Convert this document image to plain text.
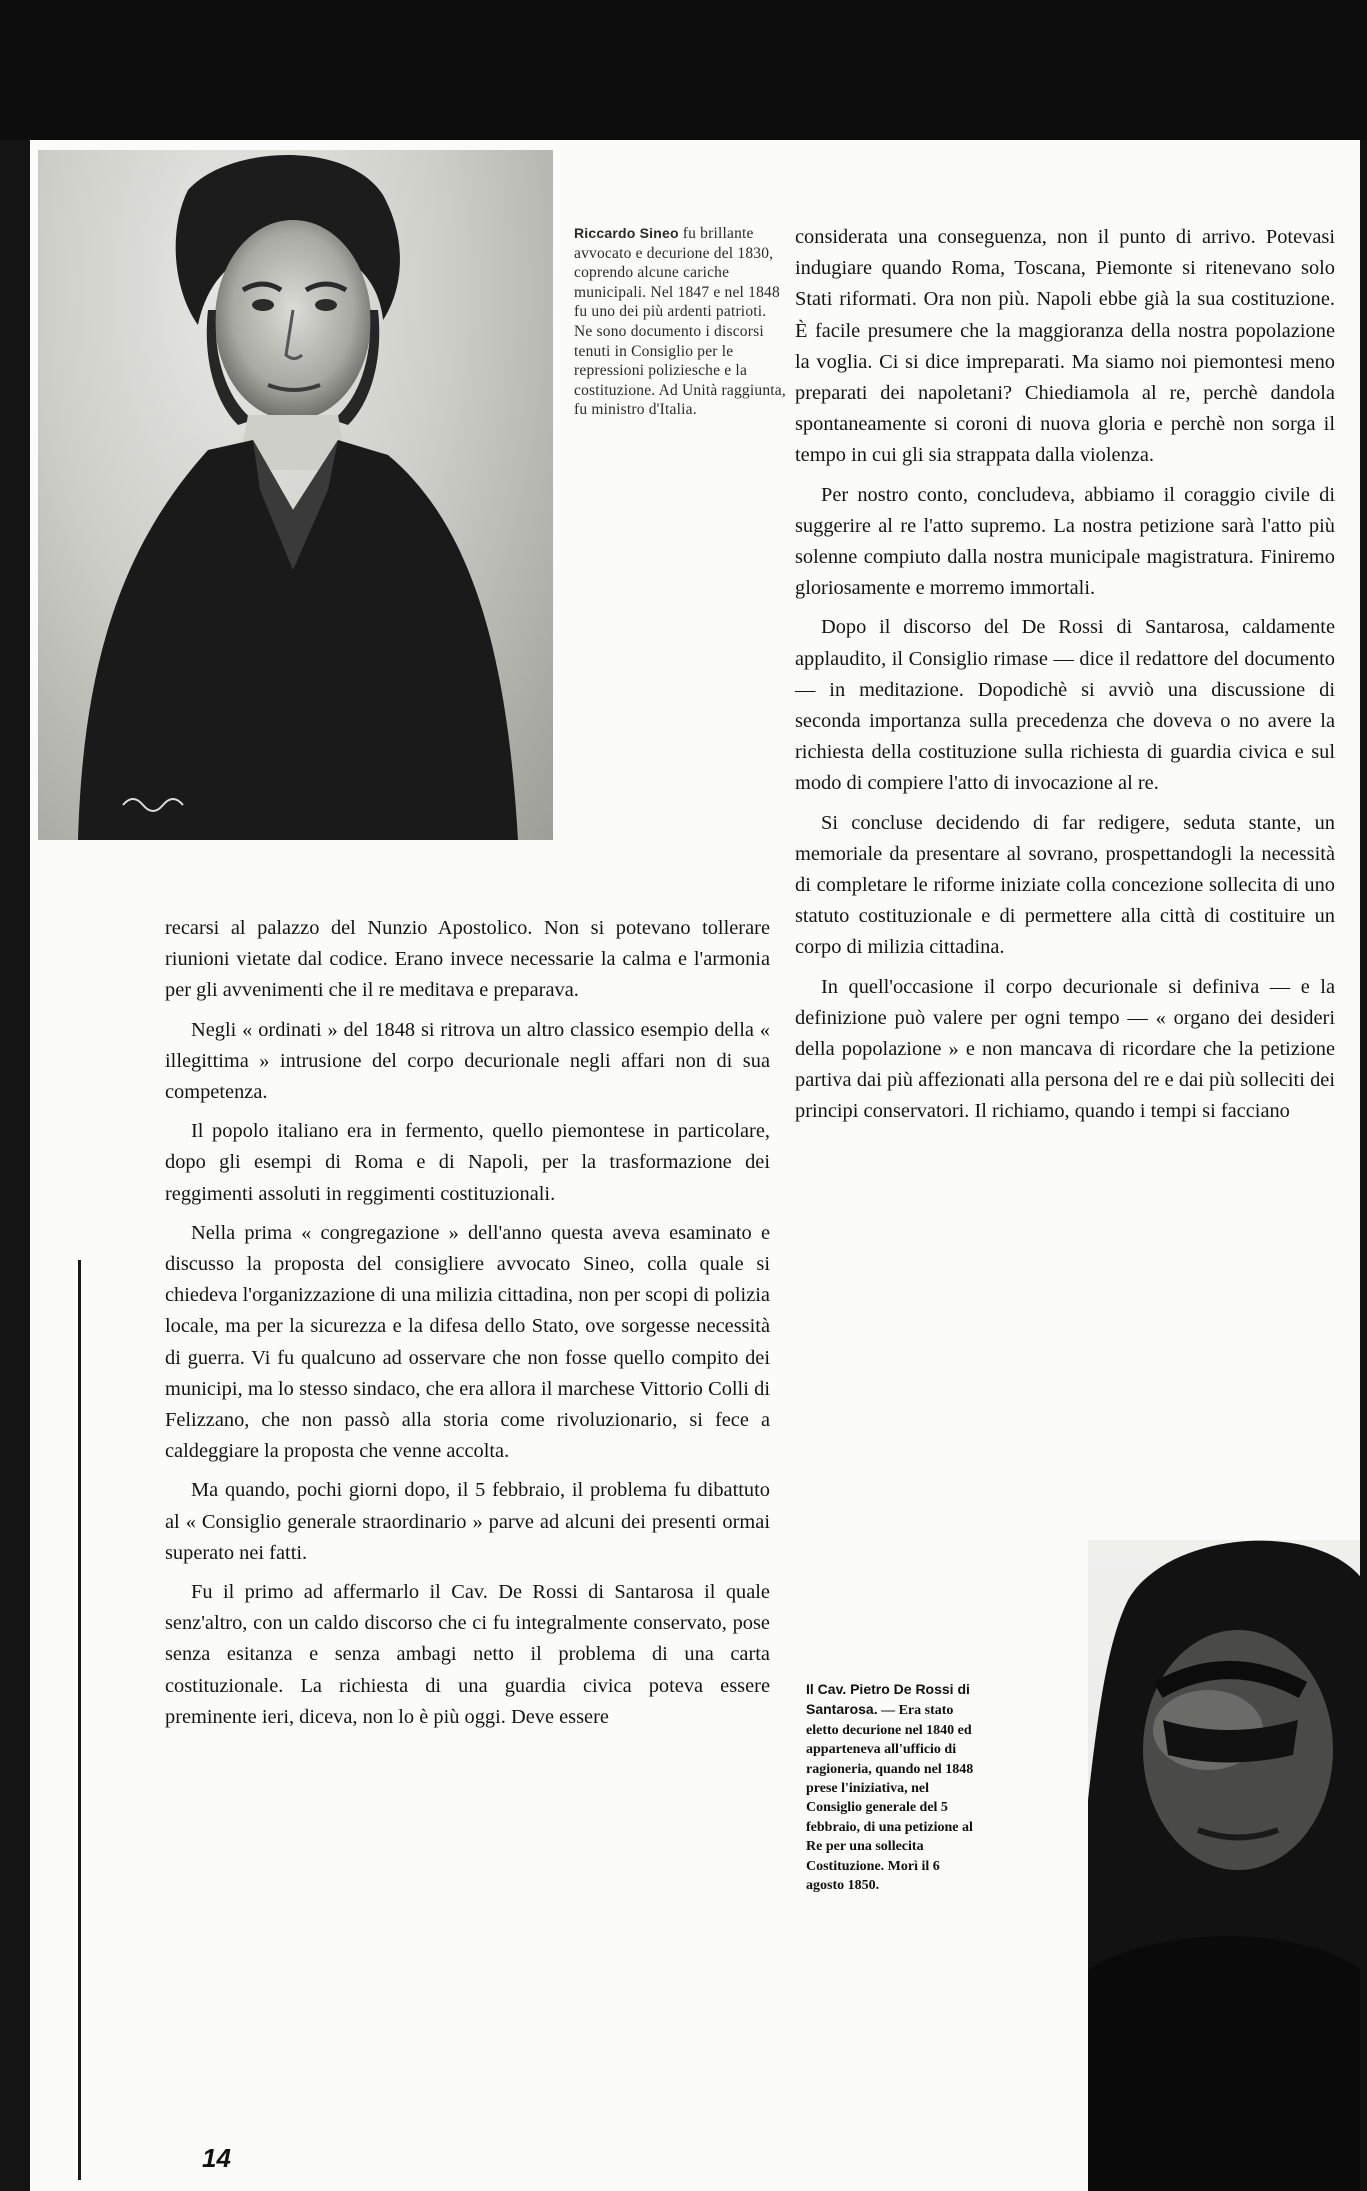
Riccardo Sineo fu brillante avvocato e decurione del 1830, coprendo alcune cariche municipali. Nel 1847 e nel 1848 fu uno dei più ardenti patrioti. Ne sono documento i discorsi tenuti in Consiglio per le repressioni poliziesche e la costituzione. Ad Unità raggiunta, fu ministro d'Italia.

considerata una conseguenza, non il punto di arrivo. Potevasi indugiare quando Roma, Toscana, Piemonte si ritenevano solo Stati riformati. Ora non più. Napoli ebbe già la sua costituzione. È facile presumere che la maggioranza della nostra popolazione la voglia. Ci si dice impreparati. Ma siamo noi piemontesi meno preparati dei napoletani? Chiediamola al re, perchè dandola spontaneamente si coroni di nuova gloria e perchè non sorga il tempo in cui gli sia strappata dalla violenza.

Per nostro conto, concludeva, abbiamo il coraggio civile di suggerire al re l'atto supremo. La nostra petizione sarà l'atto più solenne compiuto dalla nostra municipale magistratura. Finiremo gloriosamente e morremo immortali.

Dopo il discorso del De Rossi di Santarosa, caldamente applaudito, il Consiglio rimase — dice il redattore del documento — in meditazione. Dopodichè si avviò una discussione di seconda importanza sulla precedenza che doveva o no avere la richiesta della costituzione sulla richiesta di guardia civica e sul modo di compiere l'atto di invocazione al re.

Si concluse decidendo di far redigere, seduta stante, un memoriale da presentare al sovrano, prospettandogli la necessità di completare le riforme iniziate colla concezione sollecita di uno statuto costituzionale e di permettere alla città di costituire un corpo di milizia cittadina.

In quell'occasione il corpo decurionale si definiva — e la definizione può valere per ogni tempo — « organo dei desideri della popolazione » e non mancava di ricordare che la petizione partiva dai più affezionati alla persona del re e dai più solleciti dei principi conservatori. Il richiamo, quando i tempi si facciano

recarsi al palazzo del Nunzio Apostolico. Non si potevano tollerare riunioni vietate dal codice. Erano invece necessarie la calma e l'armonia per gli avvenimenti che il re meditava e preparava.

Negli « ordinati » del 1848 si ritrova un altro classico esempio della « illegittima » intrusione del corpo decurionale negli affari non di sua competenza.

Il popolo italiano era in fermento, quello piemontese in particolare, dopo gli esempi di Roma e di Napoli, per la trasformazione dei reggimenti assoluti in reggimenti costituzionali.

Nella prima « congregazione » dell'anno questa aveva esaminato e discusso la proposta del consigliere avvocato Sineo, colla quale si chiedeva l'organizzazione di una milizia cittadina, non per scopi di polizia locale, ma per la sicurezza e la difesa dello Stato, ove sorgesse necessità di guerra. Vi fu qualcuno ad osservare che non fosse quello compito dei municipi, ma lo stesso sindaco, che era allora il marchese Vittorio Colli di Felizzano, che non passò alla storia come rivoluzionario, si fece a caldeggiare la proposta che venne accolta.

Ma quando, pochi giorni dopo, il 5 febbraio, il problema fu dibattuto al « Consiglio generale straordinario » parve ad alcuni dei presenti ormai superato nei fatti.

Fu il primo ad affermarlo il Cav. De Rossi di Santarosa il quale senz'altro, con un caldo discorso che ci fu integralmente conservato, pose senza esitanza e senza ambagi netto il problema di una carta costituzionale. La richiesta di una guardia civica poteva essere preminente ieri, diceva, non lo è più oggi. Deve essere

Il Cav. Pietro De Rossi di Santarosa. — Era stato eletto decurione nel 1840 ed apparteneva all'ufficio di ragioneria, quando nel 1848 prese l'iniziativa, nel Consiglio generale del 5 febbraio, di una petizione al Re per una sollecita Costituzione. Morì il 6 agosto 1850.
14
